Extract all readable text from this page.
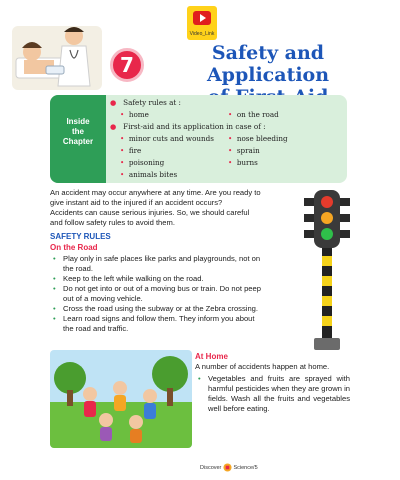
Video_Link
7	Safety and Application
Inside
the
Chapter
● Safety rules at :
• home	• on the road
● First-aid and its application in case of :
• minor cuts and wounds • nose bleeding
• fire	• sprain
• poisoning	• burns
• animals bites
An accident may occur anywhere at any time. Are you ready to
give instant aid to the injured if an accident occurs?
Accidents can cause serious injuries. So, we should careful
and follow safety rules to avoid them.
SAFETY RULES
On the Road
• Play only in safe places like parks and playgrounds, not on
the road.
• Keep to the left while walking on the road.
• Do not get into or out of a moving bus or train. Do not peep
out of a moving vehicle.
• Cross the road using the subway or at the Zebra crossing.
• Learn road signs and follow them. They inform you about
the road and traffic.
At Home
A number of accidents happen at home.
• Vegetables and fruits are sprayed with harmful pesticides when they are grown in fields. Wash all the fruits and vegetables well before eating.
Discover Science/5
